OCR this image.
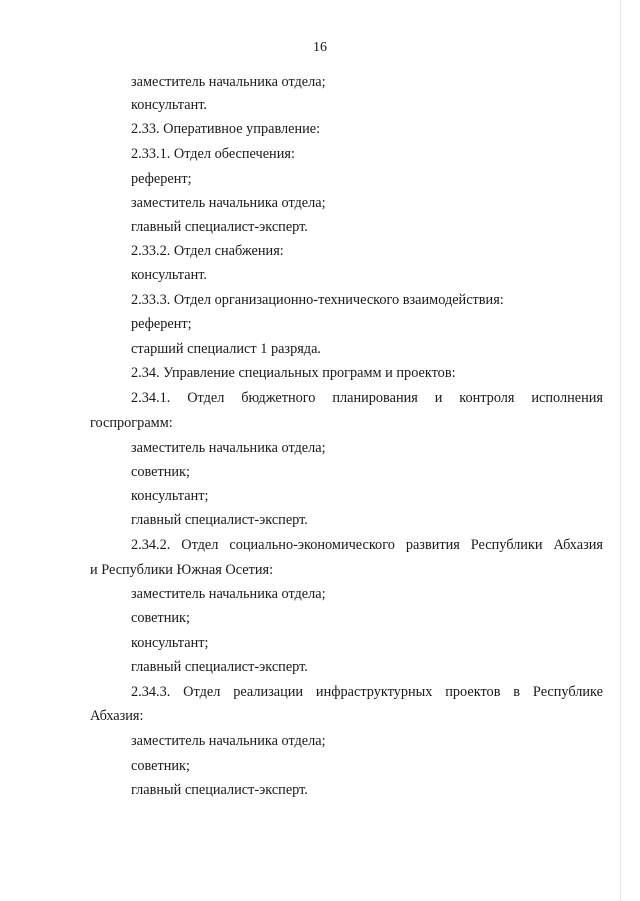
16
заместитель начальника отдела;
консультант.
2.33. Оперативное управление:
2.33.1. Отдел обеспечения:
референт;
заместитель начальника отдела;
главный специалист-эксперт.
2.33.2. Отдел снабжения:
консультант.
2.33.3. Отдел организационно-технического взаимодействия:
референт;
старший специалист 1 разряда.
2.34. Управление специальных программ и проектов:
2.34.1. Отдел бюджетного планирования и контроля исполнения
госпрограмм:
заместитель начальника отдела;
советник;
консультант;
главный специалист-эксперт.
2.34.2. Отдел социально-экономического развития Республики Абхазия
и Республики Южная Осетия:
заместитель начальника отдела;
советник;
консультант;
главный специалист-эксперт.
2.34.3. Отдел реализации инфраструктурных проектов в Республике
Абхазия:
заместитель начальника отдела;
советник;
главный специалист-эксперт.
